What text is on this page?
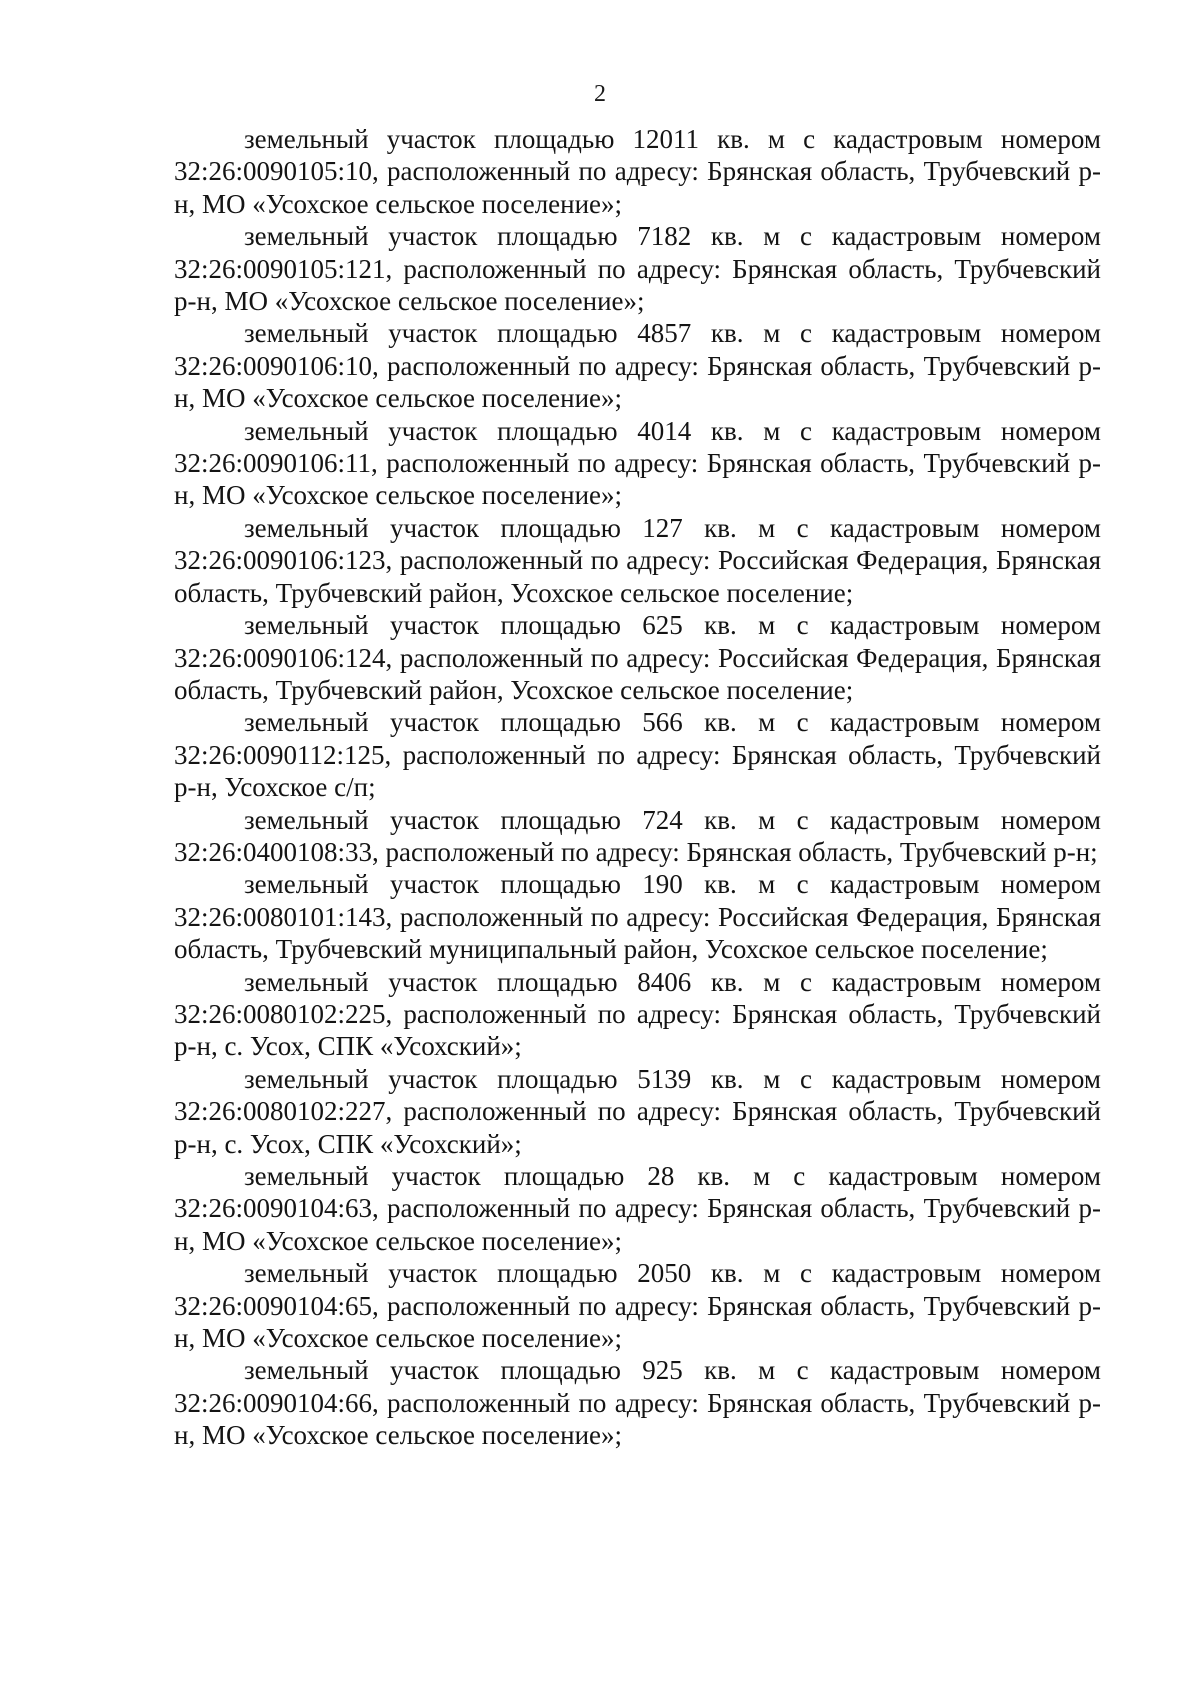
2

земельный участок площадью 12011 кв. м с кадастровым номером 32:26:0090105:10, расположенный по адресу: Брянская область, Трубчевский р-н, МО «Усохское сельское поселение»;

земельный участок площадью 7182 кв. м с кадастровым номером 32:26:0090105:121, расположенный по адресу: Брянская область, Трубчевский р-н, МО «Усохское сельское поселение»;

земельный участок площадью 4857 кв. м с кадастровым номером 32:26:0090106:10, расположенный по адресу: Брянская область, Трубчевский р-н, МО «Усохское сельское поселение»;

земельный участок площадью 4014 кв. м с кадастровым номером 32:26:0090106:11, расположенный по адресу: Брянская область, Трубчевский р-н, МО «Усохское сельское поселение»;

земельный участок площадью 127 кв. м с кадастровым номером 32:26:0090106:123, расположенный по адресу: Российская Федерация, Брянская область, Трубчевский район, Усохское сельское поселение;

земельный участок площадью 625 кв. м с кадастровым номером 32:26:0090106:124, расположенный по адресу: Российская Федерация, Брянская область, Трубчевский район, Усохское сельское поселение;

земельный участок площадью 566 кв. м с кадастровым номером 32:26:0090112:125, расположенный по адресу: Брянская область, Трубчевский р-н, Усохское с/п;

земельный участок площадью 724 кв. м с кадастровым номером 32:26:0400108:33, расположеный по адресу: Брянская область, Трубчевский р-н;

земельный участок площадью 190 кв. м с кадастровым номером 32:26:0080101:143, расположенный по адресу: Российская Федерация, Брянская область, Трубчевский муниципальный район, Усохское сельское поселение;

земельный участок площадью 8406 кв. м с кадастровым номером 32:26:0080102:225, расположенный по адресу: Брянская область, Трубчевский р-н, с. Усох, СПК «Усохский»;

земельный участок площадью 5139 кв. м с кадастровым номером 32:26:0080102:227, расположенный по адресу: Брянская область, Трубчевский р-н, с. Усох, СПК «Усохский»;

земельный участок площадью 28 кв. м с кадастровым номером 32:26:0090104:63, расположенный по адресу: Брянская область, Трубчевский р-н, МО «Усохское сельское поселение»;

земельный участок площадью 2050 кв. м с кадастровым номером 32:26:0090104:65, расположенный по адресу: Брянская область, Трубчевский р-н, МО «Усохское сельское поселение»;

земельный участок площадью 925 кв. м с кадастровым номером 32:26:0090104:66, расположенный по адресу: Брянская область, Трубчевский р-н, МО «Усохское сельское поселение»;
